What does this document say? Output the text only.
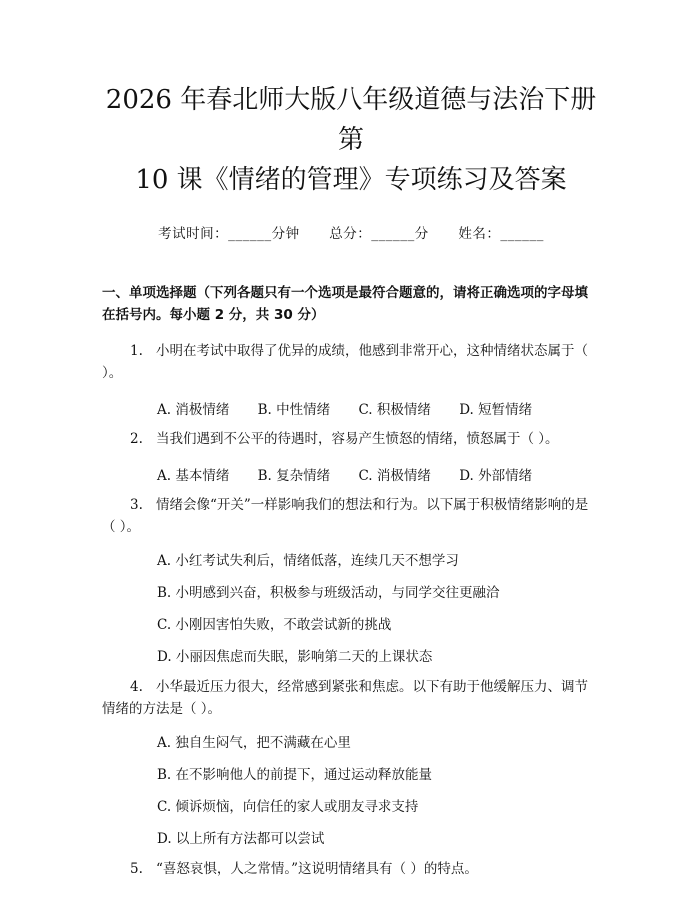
2026 年春北师大版八年级道德与法治下册第
10 课《情绪的管理》专项练习及答案
考试时间：______分钟 总分：______分 姓名：______
一、单项选择题（下列各题只有一个选项是最符合题意的，请将正确选项的字母填在括号内。每小题 2 分，共 30 分）
1. 小明在考试中取得了优异的成绩，他感到非常开心，这种情绪状态属于（ ）。
A. 消极情绪 B. 中性情绪 C. 积极情绪 D. 短暂情绪
2. 当我们遇到不公平的待遇时，容易产生愤怒的情绪，愤怒属于（ ）。
A. 基本情绪 B. 复杂情绪 C. 消极情绪 D. 外部情绪
3. 情绪会像“开关”一样影响我们的想法和行为。以下属于积极情绪影响的是（ ）。
A. 小红考试失利后，情绪低落，连续几天不想学习
B. 小明感到兴奋，积极参与班级活动，与同学交往更融洽
C. 小刚因害怕失败，不敢尝试新的挑战
D. 小丽因焦虑而失眠，影响第二天的上课状态
4. 小华最近压力很大，经常感到紧张和焦虑。以下有助于他缓解压力、调节情绪的方法是（ ）。
A. 独自生闷气，把不满藏在心里
B. 在不影响他人的前提下，通过运动释放能量
C. 倾诉烦恼，向信任的家人或朋友寻求支持
D. 以上所有方法都可以尝试
5. “喜怒哀惧，人之常情。”这说明情绪具有（ ）的特点。
